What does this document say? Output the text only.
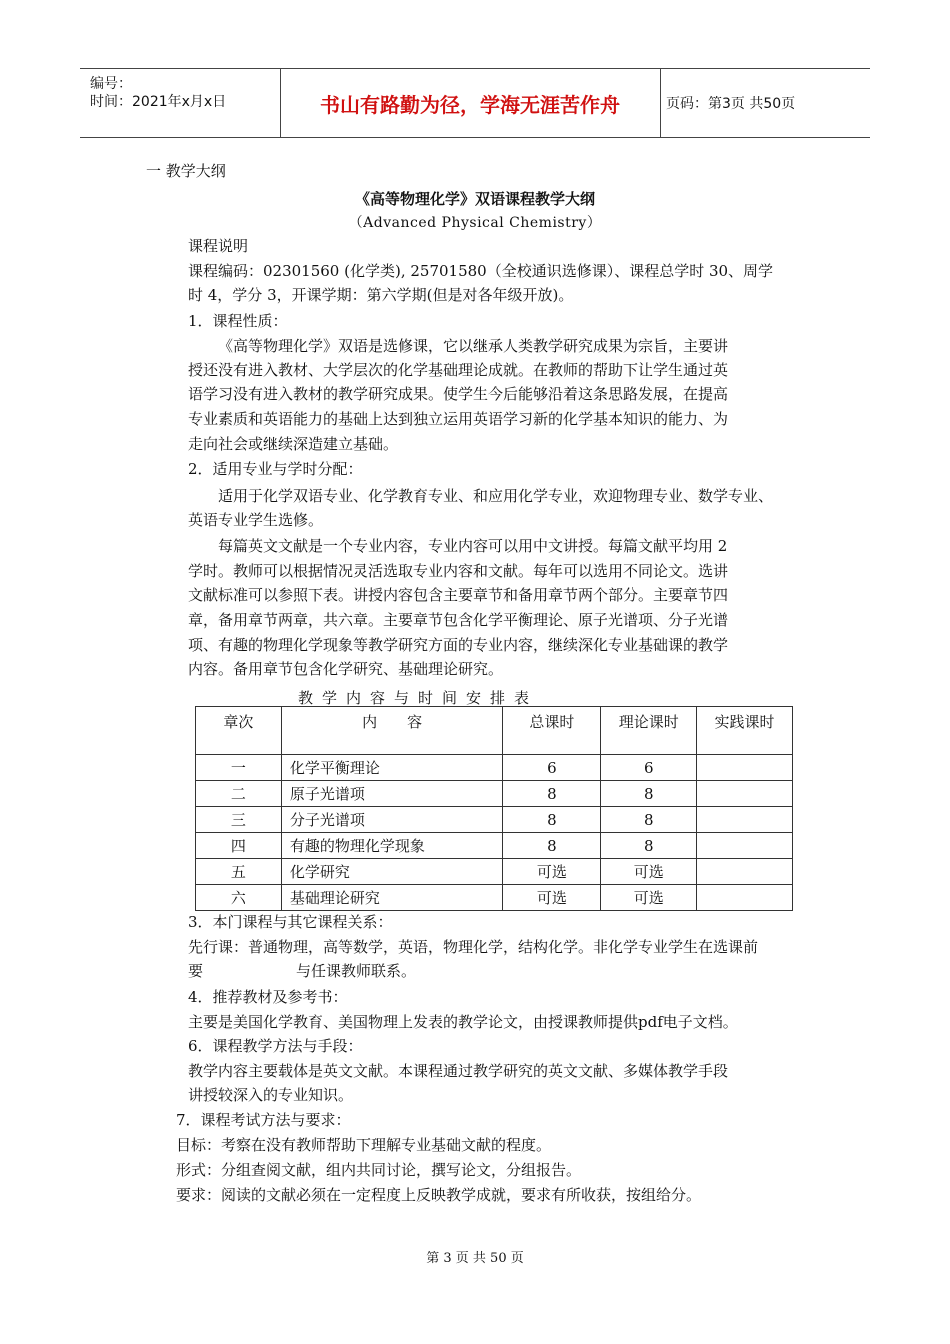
编号：
时间：2021年x月x日	书山有路勤为径，学海无涯苦作舟	页码：第3页 共50页
一 教学大纲
《高等物理化学》双语课程教学大纲
（Advanced Physical Chemistry）
课程说明
课程编码：02301560 (化学类), 25701580（全校通识选修课）、课程总学时 30、周学
时 4，学分 3，开课学期：第六学期(但是对各年级开放)。
1．课程性质：
《高等物理化学》双语是选修课，它以继承人类教学研究成果为宗旨，主要讲
授还没有进入教材、大学层次的化学基础理论成就。在教师的帮助下让学生通过英
语学习没有进入教材的教学研究成果。使学生今后能够沿着这条思路发展，在提高
专业素质和英语能力的基础上达到独立运用英语学习新的化学基本知识的能力、为
走向社会或继续深造建立基础。
2．适用专业与学时分配：
适用于化学双语专业、化学教育专业、和应用化学专业，欢迎物理专业、数学专业、
英语专业学生选修。
每篇英文文献是一个专业内容，专业内容可以用中文讲授。每篇文献平均用 2
学时。教师可以根据情况灵活选取专业内容和文献。每年可以选用不同论文。选讲
文献标准可以参照下表。讲授内容包含主要章节和备用章节两个部分。主要章节四
章，备用章节两章，共六章。主要章节包含化学平衡理论、原子光谱项、分子光谱
项、有趣的物理化学现象等教学研究方面的专业内容，继续深化专业基础课的教学
内容。备用章节包含化学研究、基础理论研究。
教学内容与时间安排表
章次	内　　容	总课时	理论课时	实践课时
一	化学平衡理论	6	6	
二	原子光谱项	8	8	
三	分子光谱项	8	8	
四	有趣的物理化学现象	8	8	
五	化学研究	可选	可选	
六	基础理论研究	可选	可选	
3．本门课程与其它课程关系：
先行课：普通物理，高等数学，英语，物理化学，结构化学。非化学专业学生在选课前
要	与任课教师联系。
4．推荐教材及参考书：
主要是美国化学教育、美国物理上发表的教学论文，由授课教师提供pdf电子文档。
6．课程教学方法与手段：
教学内容主要载体是英文文献。本课程通过教学研究的英文文献、多媒体教学手段
讲授较深入的专业知识。
7．课程考试方法与要求：
目标：考察在没有教师帮助下理解专业基础文献的程度。
形式：分组查阅文献，组内共同讨论，撰写论文，分组报告。
要求：阅读的文献必须在一定程度上反映教学成就，要求有所收获，按组给分。
第 3 页 共 50 页
